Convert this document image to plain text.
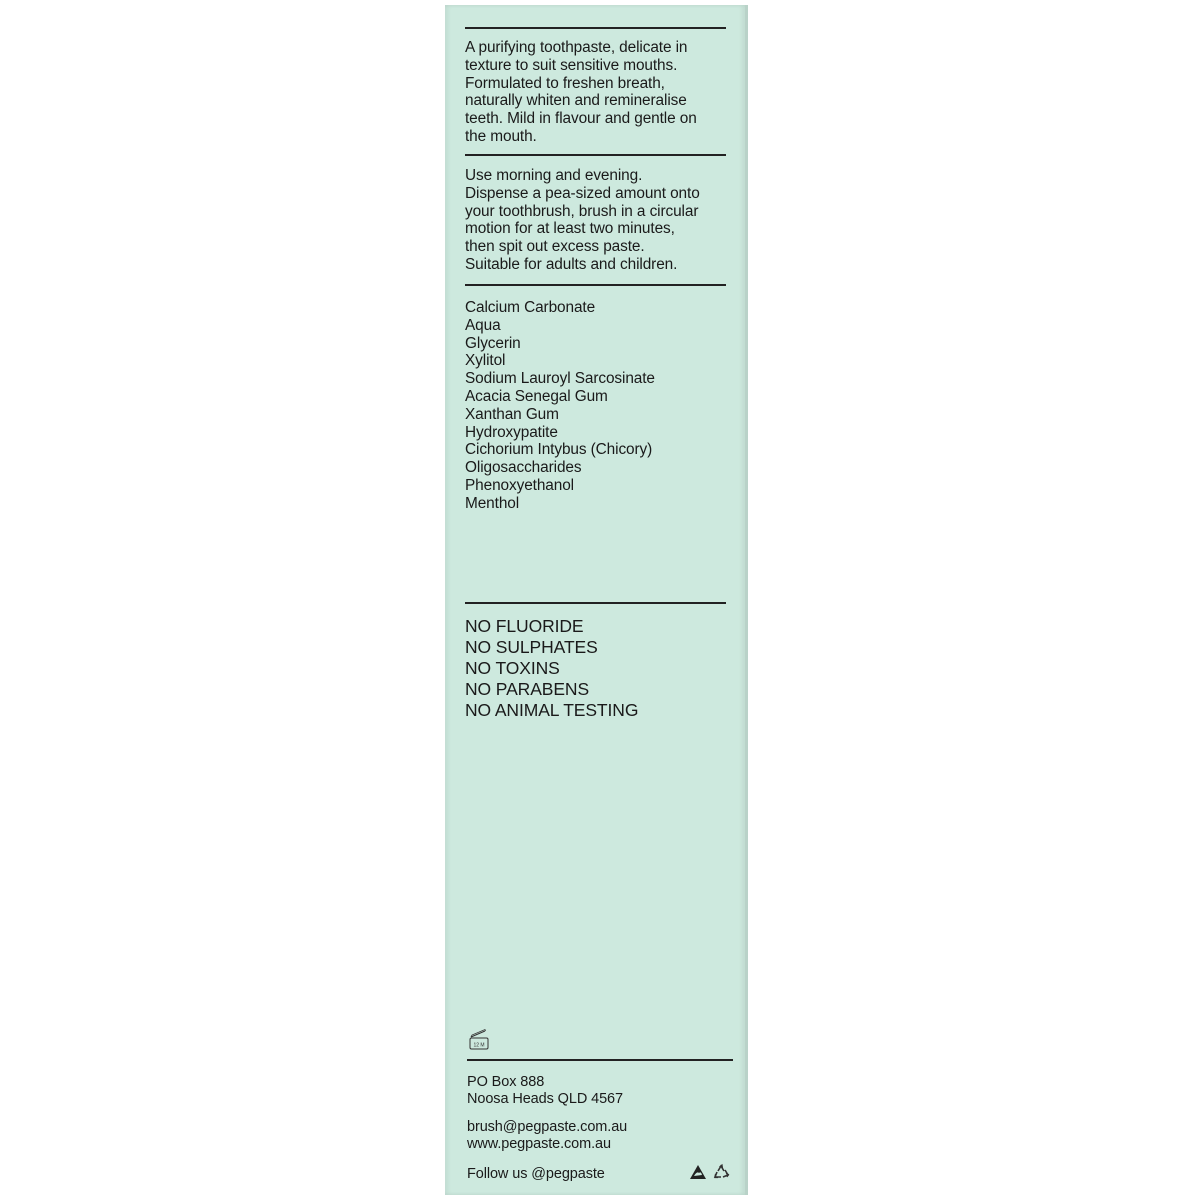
A purifying toothpaste, delicate in
texture to suit sensitive mouths.
Formulated to freshen breath,
naturally whiten and remineralise
teeth. Mild in flavour and gentle on
the mouth.
Use morning and evening.
Dispense a pea-sized amount onto
your toothbrush, brush in a circular
motion for at least two minutes,
then spit out excess paste.
Suitable for adults and children.
Calcium Carbonate
Aqua
Glycerin
Xylitol
Sodium Lauroyl Sarcosinate
Acacia Senegal Gum
Xanthan Gum
Hydroxypatite
Cichorium Intybus (Chicory)
Oligosaccharides
Phenoxyethanol
Menthol
NO FLUORIDE
NO SULPHATES
NO TOXINS
NO PARABENS
NO ANIMAL TESTING
12 M
PO Box 888
Noosa Heads QLD 4567
brush@pegpaste.com.au
www.pegpaste.com.au
Follow us @pegpaste
